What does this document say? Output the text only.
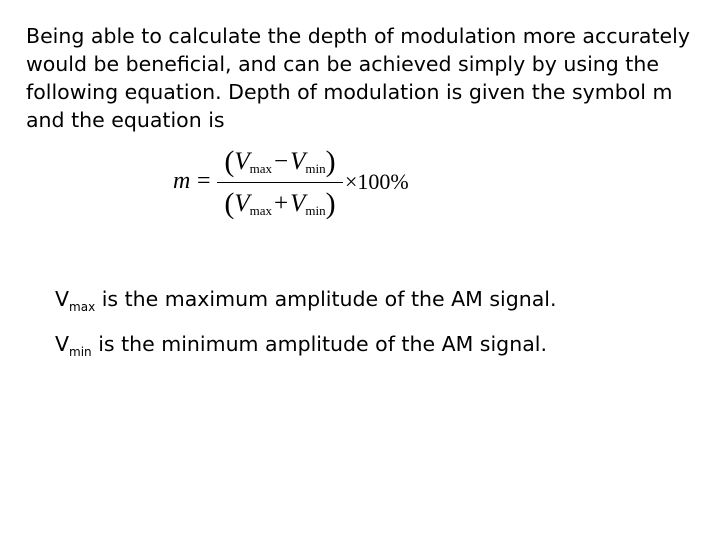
Being able to calculate the depth of modulation more accurately would be beneficial, and can be achieved simply by using the following equation. Depth of modulation is given the symbol m and the equation is

m =
$(V_{max}-V_{min})$
$(V_{max}+V_{min})$
×100%

$V_{max}$ is the maximum amplitude of the AM signal.

$V_{min}$ is the minimum amplitude of the AM signal.
